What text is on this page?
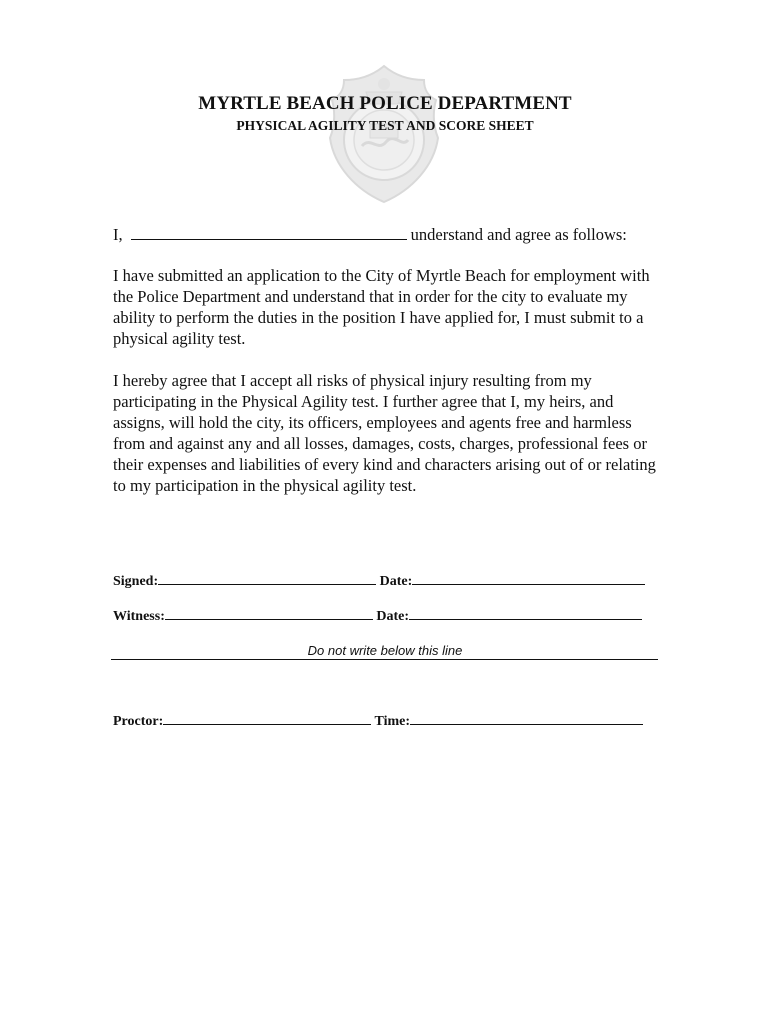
MYRTLE BEACH POLICE DEPARTMENT
PHYSICAL AGILITY TEST AND SCORE SHEET
I,	understand and agree as follows:
I have submitted an application to the City of Myrtle Beach for employment with the Police Department and understand that in order for the city to evaluate my ability to perform the duties in the position I have applied for, I must submit to a physical agility test.
I hereby agree that I accept all risks of physical injury resulting from my participating in the Physical Agility test. I further agree that I, my heirs, and assigns, will hold the city, its officers, employees and agents free and harmless from and against any and all losses, damages, costs, charges, professional fees or their expenses and liabilities of every kind and characters arising out of or relating to my participation in the physical agility test.
Signed:	Date:
Witness:	Date:
Do not write below this line
Proctor:	Time:
